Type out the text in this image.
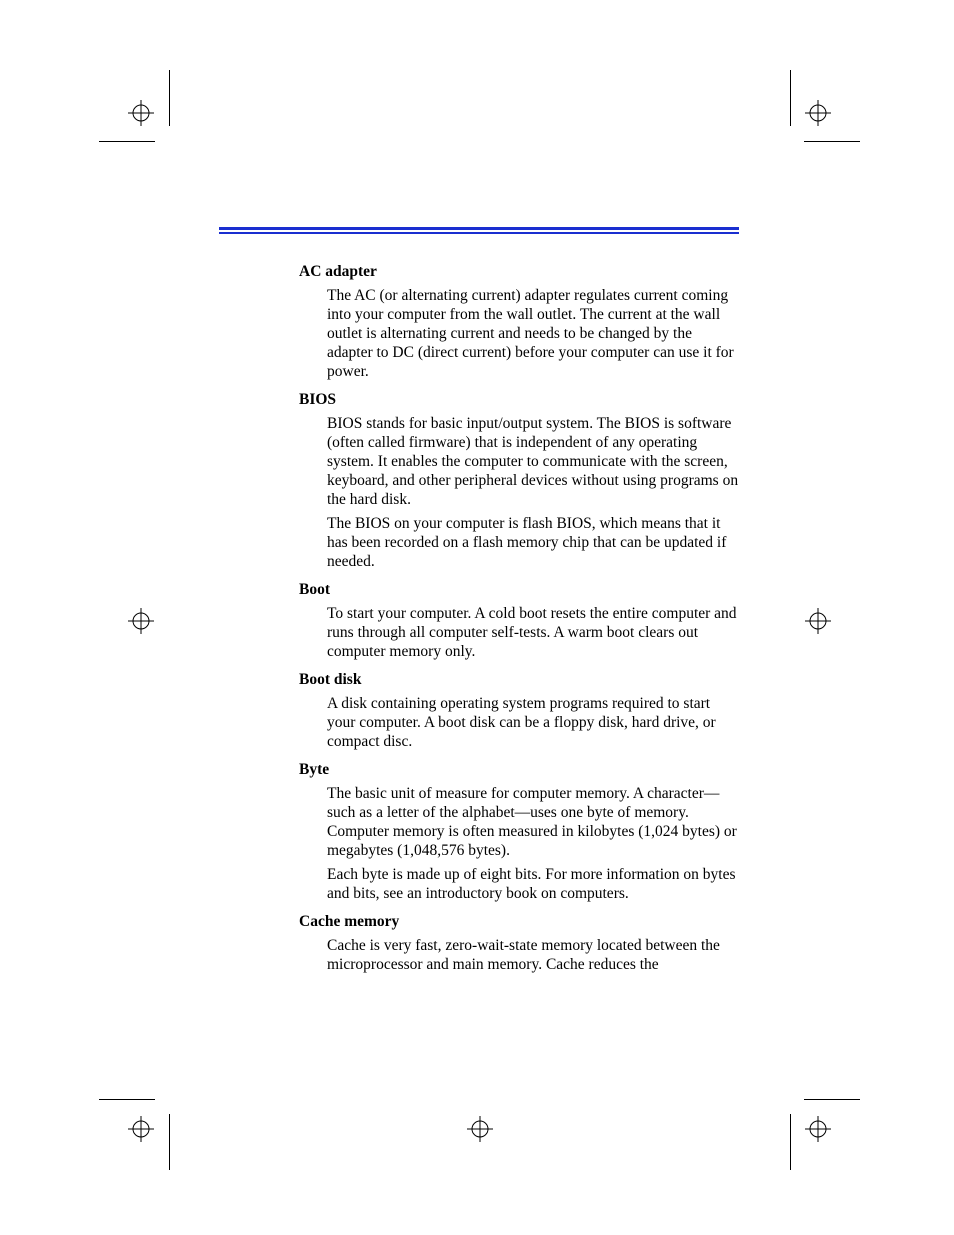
AC adapter
The AC (or alternating current) adapter regulates current coming into your computer from the wall outlet. The current at the wall outlet is alternating current and needs to be changed by the adapter to DC (direct current) before your computer can use it for power.
BIOS
BIOS stands for basic input/output system. The BIOS is software (often called firmware) that is independent of any operating system. It enables the computer to communicate with the screen, keyboard, and other peripheral devices without using programs on the hard disk.
The BIOS on your computer is flash BIOS, which means that it has been recorded on a flash memory chip that can be updated if needed.
Boot
To start your computer. A cold boot resets the entire computer and runs through all computer self-tests. A warm boot clears out computer memory only.
Boot disk
A disk containing operating system programs required to start your computer. A boot disk can be a floppy disk, hard drive, or compact disc.
Byte
The basic unit of measure for computer memory. A character—such as a letter of the alphabet—uses one byte of memory. Computer memory is often measured in kilobytes (1,024 bytes) or megabytes (1,048,576 bytes).
Each byte is made up of eight bits. For more information on bytes and bits, see an introductory book on computers.
Cache memory
Cache is very fast, zero-wait-state memory located between the microprocessor and main memory. Cache reduces the
